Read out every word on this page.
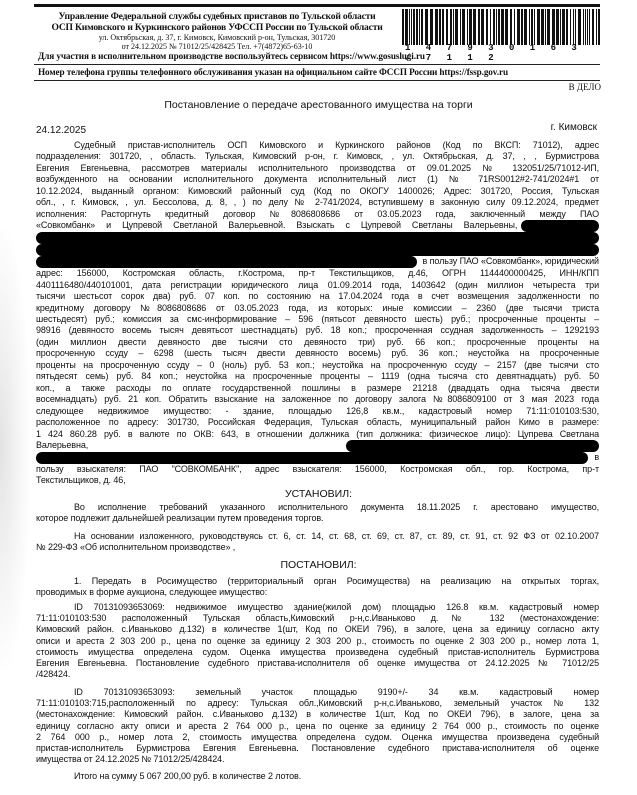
Управление Федеральной службы судебных приставов по Тульской области
ОСП Кимовского и Куркинского районов УФССП России по Тульской области
ул. Октябрьская, д. 37, г. Кимовск, Кимовский р-он, Тульская, 301720
от 24.12.2025 № 71012/25/428425 Тел. +7(4872)65-63-10	1 4 7 9 3 0 1 6 3 / 7 1 1 2
Для участия в исполнительном производстве воспользуйтесь сервисом https://www.gosuslugi.ru
Номер телефона группы телефонного обслуживания указан на официальном сайте ФССП России https://fssp.gov.ru
В ДЕЛО
Постановление о передаче арестованного имущества на торги
24.12.2025	г. Кимовск
Судебный пристав-исполнитель ОСП Кимовского и Куркинского районов (Код по ВКСП: 71012), адрес
подразделения: 301720, , область. Тульская, Кимовский р-он, г. Кимовск, , ул. Октябрьская, д. 37, , , Бурмистрова
Евгения Евгеньевна, рассмотрев материалы исполнительного производства от 09.01.2025 № 132051/25/71012-ИП,
возбужденного на основании исполнительного документа исполнительный лист (1) № 71RS0012#2-741/2024#1 от
10.12.2024, выданный органом: Кимовский районный суд (Код по ОКОГУ 1400026; Адрес: 301720, Россия, Тульская
обл., , г. Кимовск, , ул. Бессолова, д. 8, , ) по делу № 2-741/2024, вступившему в законную силу 09.12.2024, предмет
исполнения: Расторгнуть кредитный договор №8086808686 от 03.05.2023 года, заключенный между ПАО
«Совкомбанк» и Цупревой Светланой Валерьевной. Взыскать с Цупревой Светланы Валерьевны,
в пользу ПАО «Совкомбанк», юридический
адрес: 156000, Костромская область, г.Кострома, пр-т Текстильщиков, д.46, ОГРН 1144400000425, ИНН/КПП
4401116480/440101001, дата регистрации юридического лица 01.09.2014 года, 1403642 (один миллион четыреста три
тысячи шестьсот сорок два) руб. 07 коп. по состоянию на 17.04.2024 года в счет возмещения задолженности по
кредитному договору №8086808686 от 03.05.2023 года, из которых: иные комиссии – 2360 (две тысячи триста
шестьдесят) руб.; комиссия за смс-информирование – 596 (пятьсот девяносто шесть) руб.; просроченные проценты –
98916 (девяносто восемь тысяч девятьсот шестнадцать) руб. 18 коп.; просроченная ссудная задолженность – 1292193
(один миллион двести девяносто две тысячи сто девяносто три) руб. 66 коп.; просроченные проценты на
просроченную ссуду – 6298 (шесть тысяч двести девяносто восемь) руб. 36 коп.; неустойка на просроченные
проценты на просроченную ссуду – 0 (ноль) руб. 53 коп.; неустойка на просроченную ссуду – 2157 (две тысячи сто
пятьдесят семь) руб. 84 коп.; неустойка на просроченные проценты – 1119 (одна тысяча сто девятнадцать) руб. 50
коп., а также расходы по оплате государственной пошлины в размере 21218 (двадцать одна тысяча двести
восемнадцать) руб. 21 коп. Обратить взыскание на заложенное по договору залога №8086809100 от 3 мая 2023 года
следующее недвижимое имущество: - здание, площадью 126,8 кв.м., кадастровый номер 71:11:010103:530,
расположенное по адресу: 301730, Российская Федерация, Тульская область, муниципальный район Кимо в размере:
1 424 860.28 руб. в валюте по ОКВ: 643, в отношении должника (тип должника: физическое лицо): Цупрева Светлана
Валерьевна,
в
пользу взыскателя: ПАО "СОВКОМБАНК", адрес взыскателя: 156000, Костромская обл., гор. Кострома, пр-т
Текстильщиков, д. 46,
УСТАНОВИЛ:
Во исполнение требований указанного исполнительного документа 18.11.2025 г. арестовано имущество,
которое подлежит дальнейшей реализации путем проведения торгов.
На основании изложенного, руководствуясь ст. 6, ст. 14, ст. 68, ст. 69, ст. 87, ст. 89, ст. 91, ст. 92 ФЗ от 02.10.2007
№ 229-ФЗ «Об исполнительном производстве» ,
ПОСТАНОВИЛ:
1. Передать в Росимущество (территориальный орган Росимущества) на реализацию на открытых торгах,
проводимых в форме аукциона, следующее имущество:
ID 70131093653069: недвижимое имущество здание(жилой дом) площадью 126.8 кв.м. кадастровый номер
71:11:010103:530 расположенный Тульская область,Кимовский р-н,с.Иваньково д.№ 132 (местонахождение:
Кимовский район. с.Иваньково д.132) в количестве 1(шт, Код по ОКЕИ 796), в залоге, цена за единицу согласно акту
описи и ареста 2 303 200 р., цена по оценке за единицу 2 303 200 р., стоимость по оценке 2 303 200 р., номер лота 1,
стоимость имущества определена судом. Оценка имущества произведена судебный пристав-исполнитель Бурмистрова
Евгения Евгеньевна. Постановление судебного пристава-исполнителя об оценке имущества от 24.12.2025 № 71012/25
/428424.
ID 70131093653093: земельный участок площадью 9190+/- 34 кв.м. кадастровый номер
71:11:010103:715,расположенный по адресу: Тульская обл.,Кимовский р-н,с.Иваньково, земельный участок № 132
(местонахождение: Кимовский район. с.Иваньково д.132) в количестве 1(шт, Код по ОКЕИ 796), в залоге, цена за
единицу согласно акту описи и ареста 2 764 000 р., цена по оценке за единицу 2 764 000 р., стоимость по оценке
2 764 000 р., номер лота 2, стоимость имущества определена судом. Оценка имущества произведена судебный
пристав-исполнитель Бурмистрова Евгения Евгеньевна. Постановление судебного пристава-исполнителя об оценке
имущества от 24.12.2025 № 71012/25/428424.
Итого на сумму 5 067 200,00 руб. в количестве 2 лотов.
